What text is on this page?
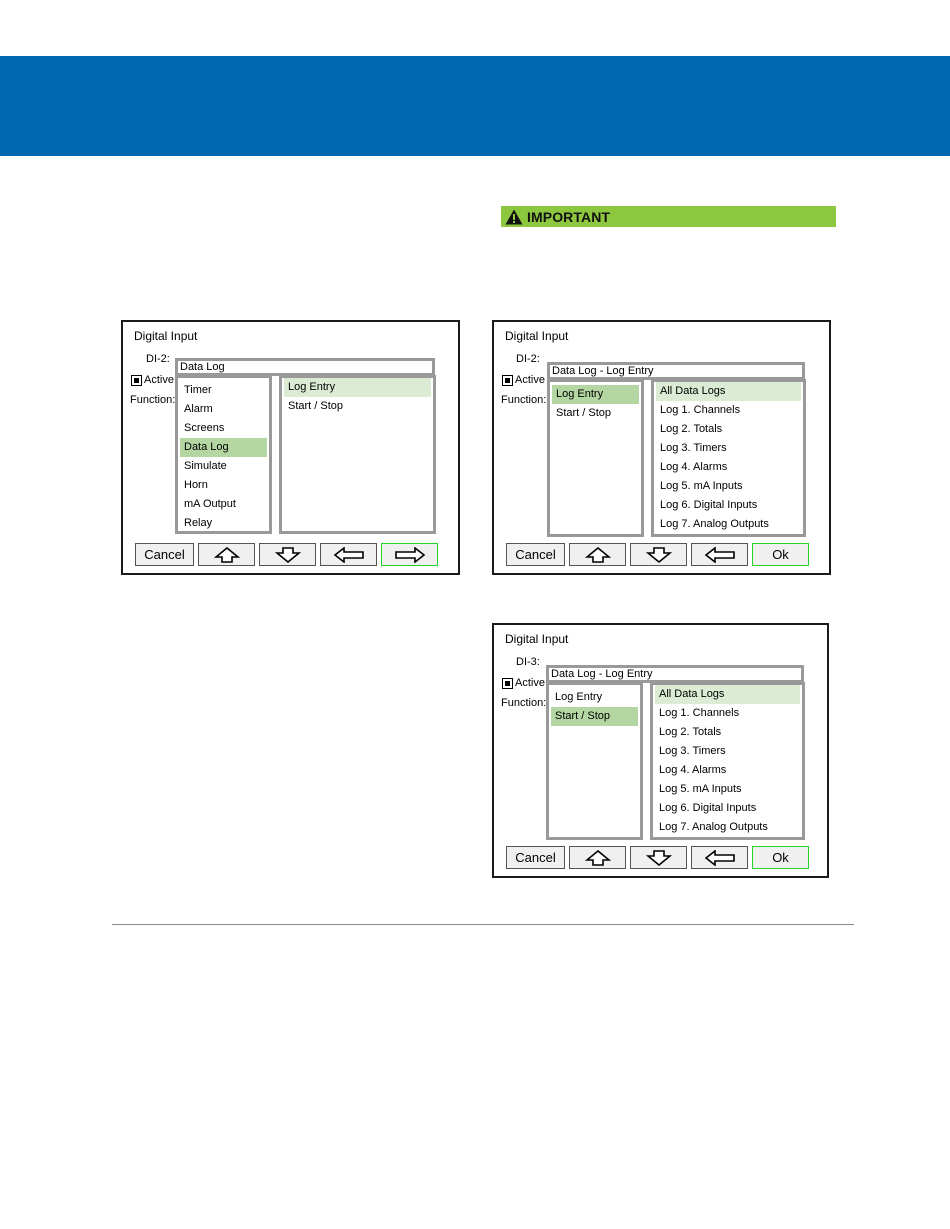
IMPORTANT
Digital Input
DI-2:
Active
Function:
Data Log
Timer
Alarm
Screens
Data Log
Simulate
Horn
mA Output
Relay
Log Entry
Start / Stop
Cancel
Digital Input
DI-2:
Active
Function:
Data Log - Log Entry
Log Entry
Start / Stop
All Data Logs
Log 1. Channels
Log 2. Totals
Log 3. Timers
Log 4. Alarms
Log 5. mA Inputs
Log 6. Digital Inputs
Log 7. Analog Outputs
Cancel	Ok
Digital Input
DI-3:
Active
Function:
Data Log - Log Entry
Log Entry
Start / Stop
All Data Logs
Log 1. Channels
Log 2. Totals
Log 3. Timers
Log 4. Alarms
Log 5. mA Inputs
Log 6. Digital Inputs
Log 7. Analog Outputs
Cancel	Ok
